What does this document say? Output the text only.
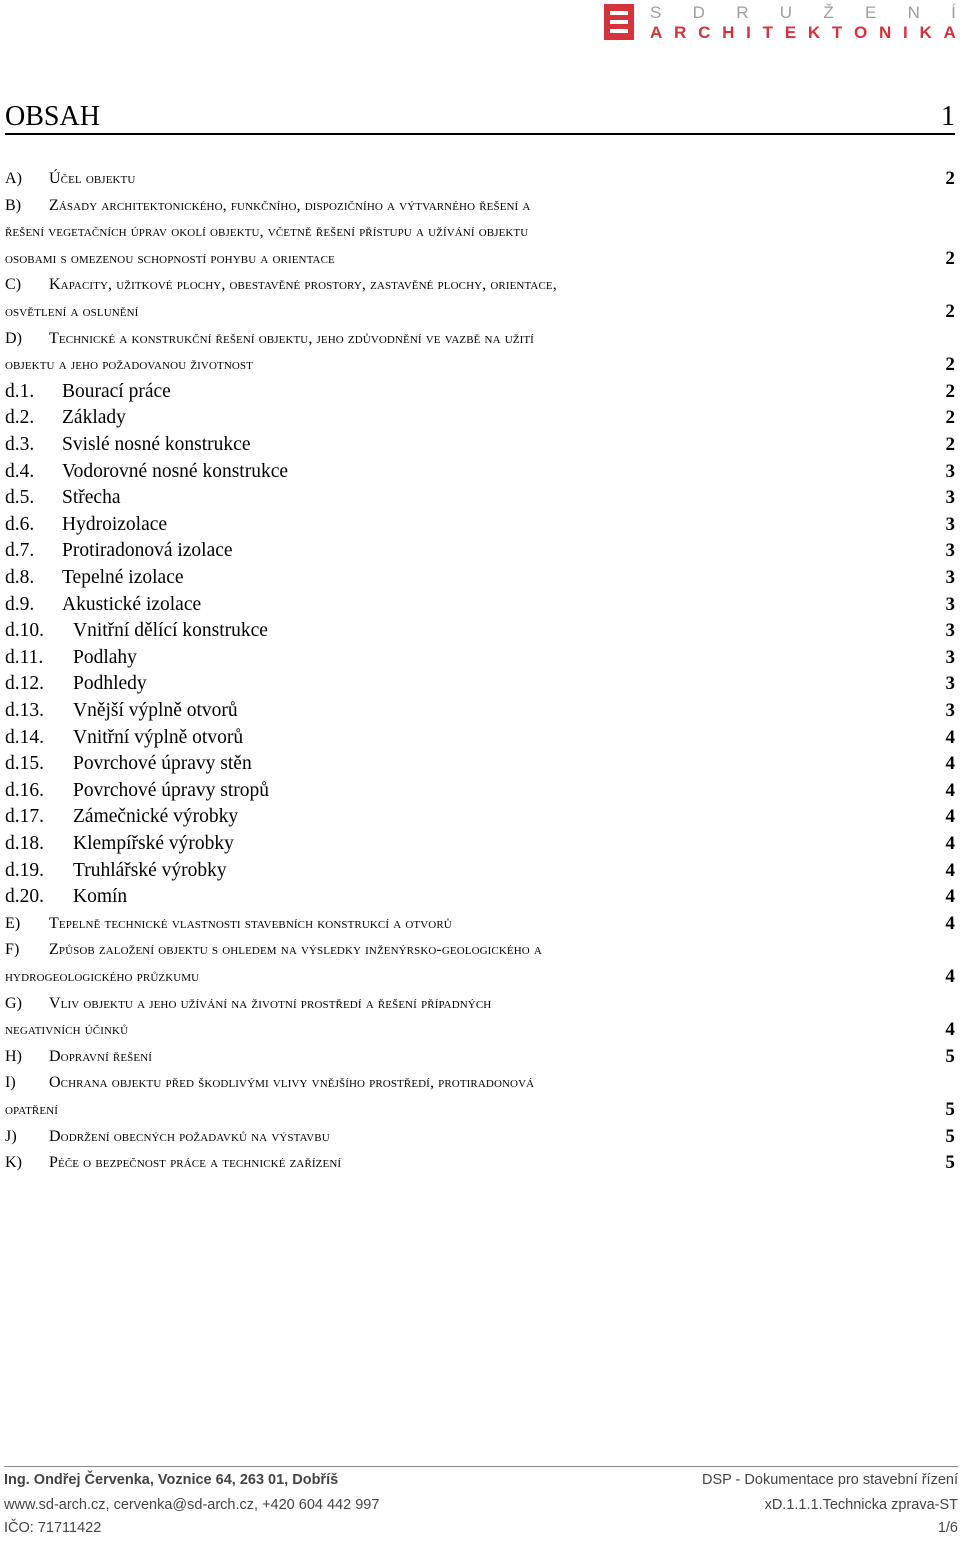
S D R U Ž E N Í
A R C H I T E K T O N I K A
OBSAH	1
A) Účel objektu	2
B) Zásady architektonického, funkčního, dispozičního a výtvarného řešení a
řešení vegetačních úprav okolí objektu, včetně řešení přístupu a užívání objektu
osobami s omezenou schopností pohybu a orientace	2
C) Kapacity, užitkové plochy, obestavěné prostory, zastavěné plochy, orientace,
osvětlení a oslunění	2
D) Technické a konstrukční řešení objektu, jeho zdůvodnění ve vazbě na užití
objektu a jeho požadovanou životnost	2
d.1. Bourací práce	2
d.2. Základy	2
d.3. Svislé nosné konstrukce	2
d.4. Vodorovné nosné konstrukce	3
d.5. Střecha	3
d.6. Hydroizolace	3
d.7. Protiradonová izolace	3
d.8. Tepelné izolace	3
d.9. Akustické izolace	3
d.10. Vnitřní dělící konstrukce	3
d.11. Podlahy	3
d.12. Podhledy	3
d.13. Vnější výplně otvorů	3
d.14. Vnitřní výplně otvorů	4
d.15. Povrchové úpravy stěn	4
d.16. Povrchové úpravy stropů	4
d.17. Zámečnické výrobky	4
d.18. Klempířské výrobky	4
d.19. Truhlářské výrobky	4
d.20. Komín	4
E) Tepelně technické vlastnosti stavebních konstrukcí a otvorů	4
F) Způsob založení objektu s ohledem na výsledky inženýrsko-geologického a
hydrogeologického průzkumu	4
G) Vliv objektu a jeho užívání na životní prostředí a řešení případných
negativních účinků	4
H) Dopravní řešení	5
I) Ochrana objektu před škodlivými vlivy vnějšího prostředí, protiradonová
opatření	5
J) Dodržení obecných požadavků na výstavbu	5
K) Péče o bezpečnost práce a technické zařízení	5
Ing. Ondřej Červenka, Voznice 64, 263 01, Dobříš
www.sd-arch.cz, cervenka@sd-arch.cz, +420 604 442 997
IČO: 71711422
DSP - Dokumentace pro stavební řízení
xD.1.1.1.Technicka zprava-ST
1/6
